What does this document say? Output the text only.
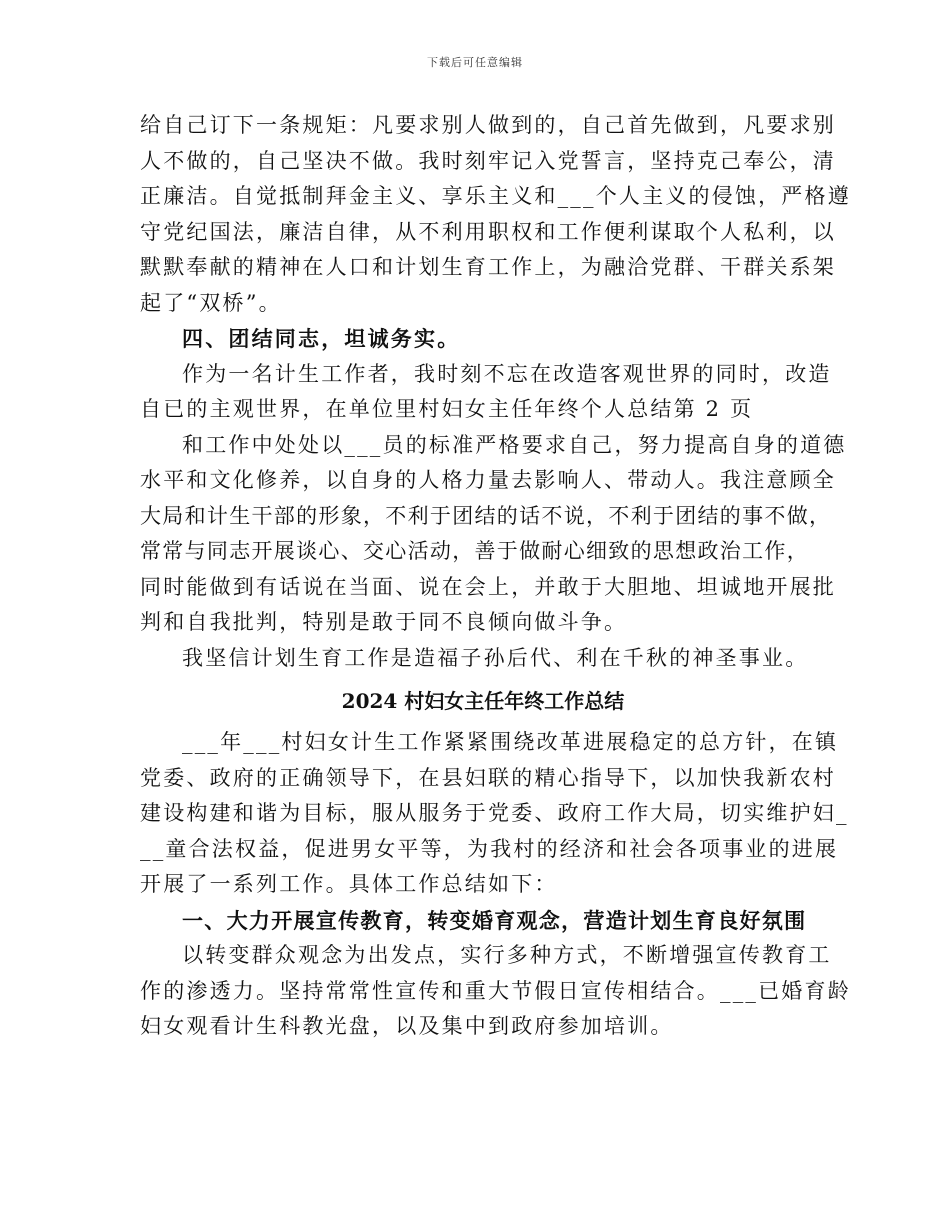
下载后可任意编辑
给自己订下一条规矩：凡要求别人做到的，自己首先做到，凡要求别
人不做的，自己坚决不做。我时刻牢记入党誓言，坚持克己奉公，清
正廉洁。自觉抵制拜金主义、享乐主义和___个人主义的侵蚀，严格遵
守党纪国法，廉洁自律，从不利用职权和工作便利谋取个人私利，以
默默奉献的精神在人口和计划生育工作上，为融洽党群、干群关系架
起了“双桥”。
四、团结同志，坦诚务实。
作为一名计生工作者，我时刻不忘在改造客观世界的同时，改造
自已的主观世界，在单位里村妇女主任年终个人总结第 2 页
和工作中处处以___员的标准严格要求自己，努力提高自身的道德
水平和文化修养，以自身的人格力量去影响人、带动人。我注意顾全
大局和计生干部的形象，不利于团结的话不说，不利于团结的事不做，
常常与同志开展谈心、交心活动，善于做耐心细致的思想政治工作，
同时能做到有话说在当面、说在会上，并敢于大胆地、坦诚地开展批
判和自我批判，特别是敢于同不良倾向做斗争。
我坚信计划生育工作是造福子孙后代、利在千秋的神圣事业。
2024 村妇女主任年终工作总结
___年___村妇女计生工作紧紧围绕改革进展稳定的总方针，在镇
党委、政府的正确领导下，在县妇联的精心指导下，以加快我新农村
建设构建和谐为目标，服从服务于党委、政府工作大局，切实维护妇_
__童合法权益，促进男女平等，为我村的经济和社会各项事业的进展
开展了一系列工作。具体工作总结如下：
一、大力开展宣传教育，转变婚育观念，营造计划生育良好氛围
以转变群众观念为出发点，实行多种方式，不断增强宣传教育工
作的渗透力。坚持常常性宣传和重大节假日宣传相结合。___已婚育龄
妇女观看计生科教光盘，以及集中到政府参加培训。
